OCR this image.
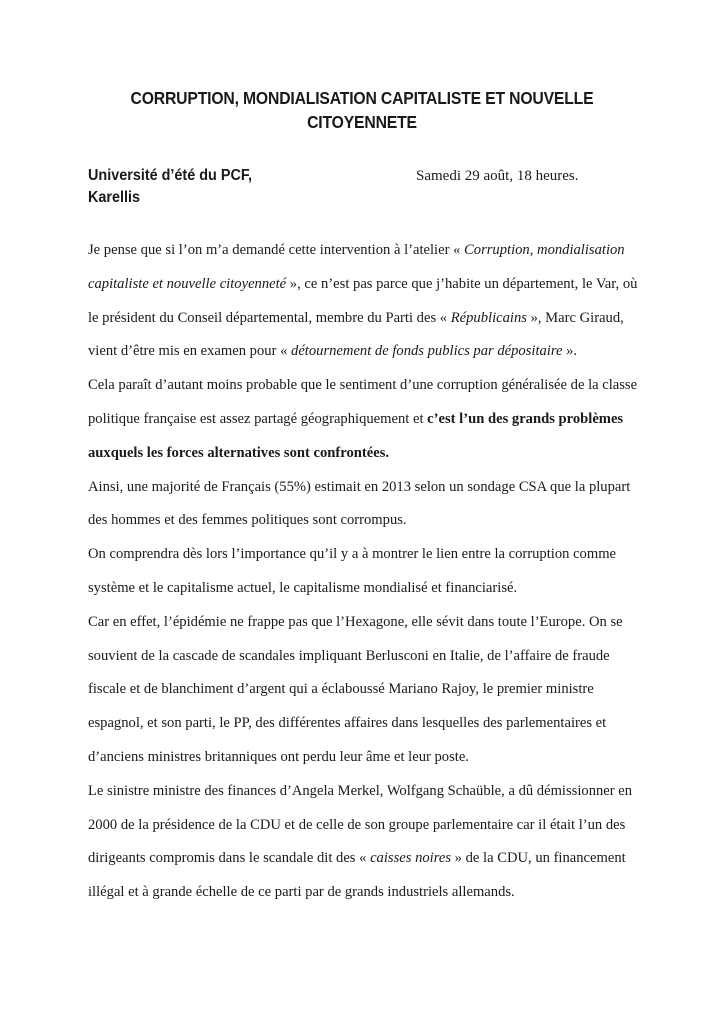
CORRUPTION, MONDIALISATION CAPITALISTE ET NOUVELLE CITOYENNETE
Université d’été du PCF,
Karellis
Samedi 29 août, 18 heures.

Je pense que si l’on m’a demandé cette intervention à l’atelier « Corruption, mondialisation capitaliste et nouvelle citoyenneté », ce n’est pas parce que j’habite un département, le Var, où le président du Conseil départemental, membre du Parti des « Républicains », Marc Giraud, vient d’être mis en examen pour « détournement de fonds publics par dépositaire ».

Cela paraît d’autant moins probable que le sentiment d’une corruption généralisée de la classe politique française est assez partagé géographiquement et c’est l’un des grands problèmes auxquels les forces alternatives sont confrontées.

Ainsi, une majorité de Français (55%) estimait en 2013 selon un sondage CSA que la plupart des hommes et des femmes politiques sont corrompus.

On comprendra dès lors l’importance qu’il y a à montrer le lien entre la corruption comme système et le capitalisme actuel, le capitalisme mondialisé et financiarisé.

Car en effet, l’épidémie ne frappe pas que l’Hexagone, elle sévit dans toute l’Europe. On se souvient de la cascade de scandales impliquant Berlusconi en Italie, de l’affaire de fraude fiscale et de blanchiment d’argent qui a éclaboussé Mariano Rajoy, le premier ministre espagnol, et son parti, le PP, des différentes affaires dans lesquelles des parlementaires et d’anciens ministres britanniques ont perdu leur âme et leur poste.

Le sinistre ministre des finances d’Angela Merkel, Wolfgang Schaüble, a dû démissionner en 2000 de la présidence de la CDU et de celle de son groupe parlementaire car il était l’un des dirigeants compromis dans le scandale dit des « caisses noires » de la CDU, un financement illégal et à grande échelle de ce parti par de grands industriels allemands.
